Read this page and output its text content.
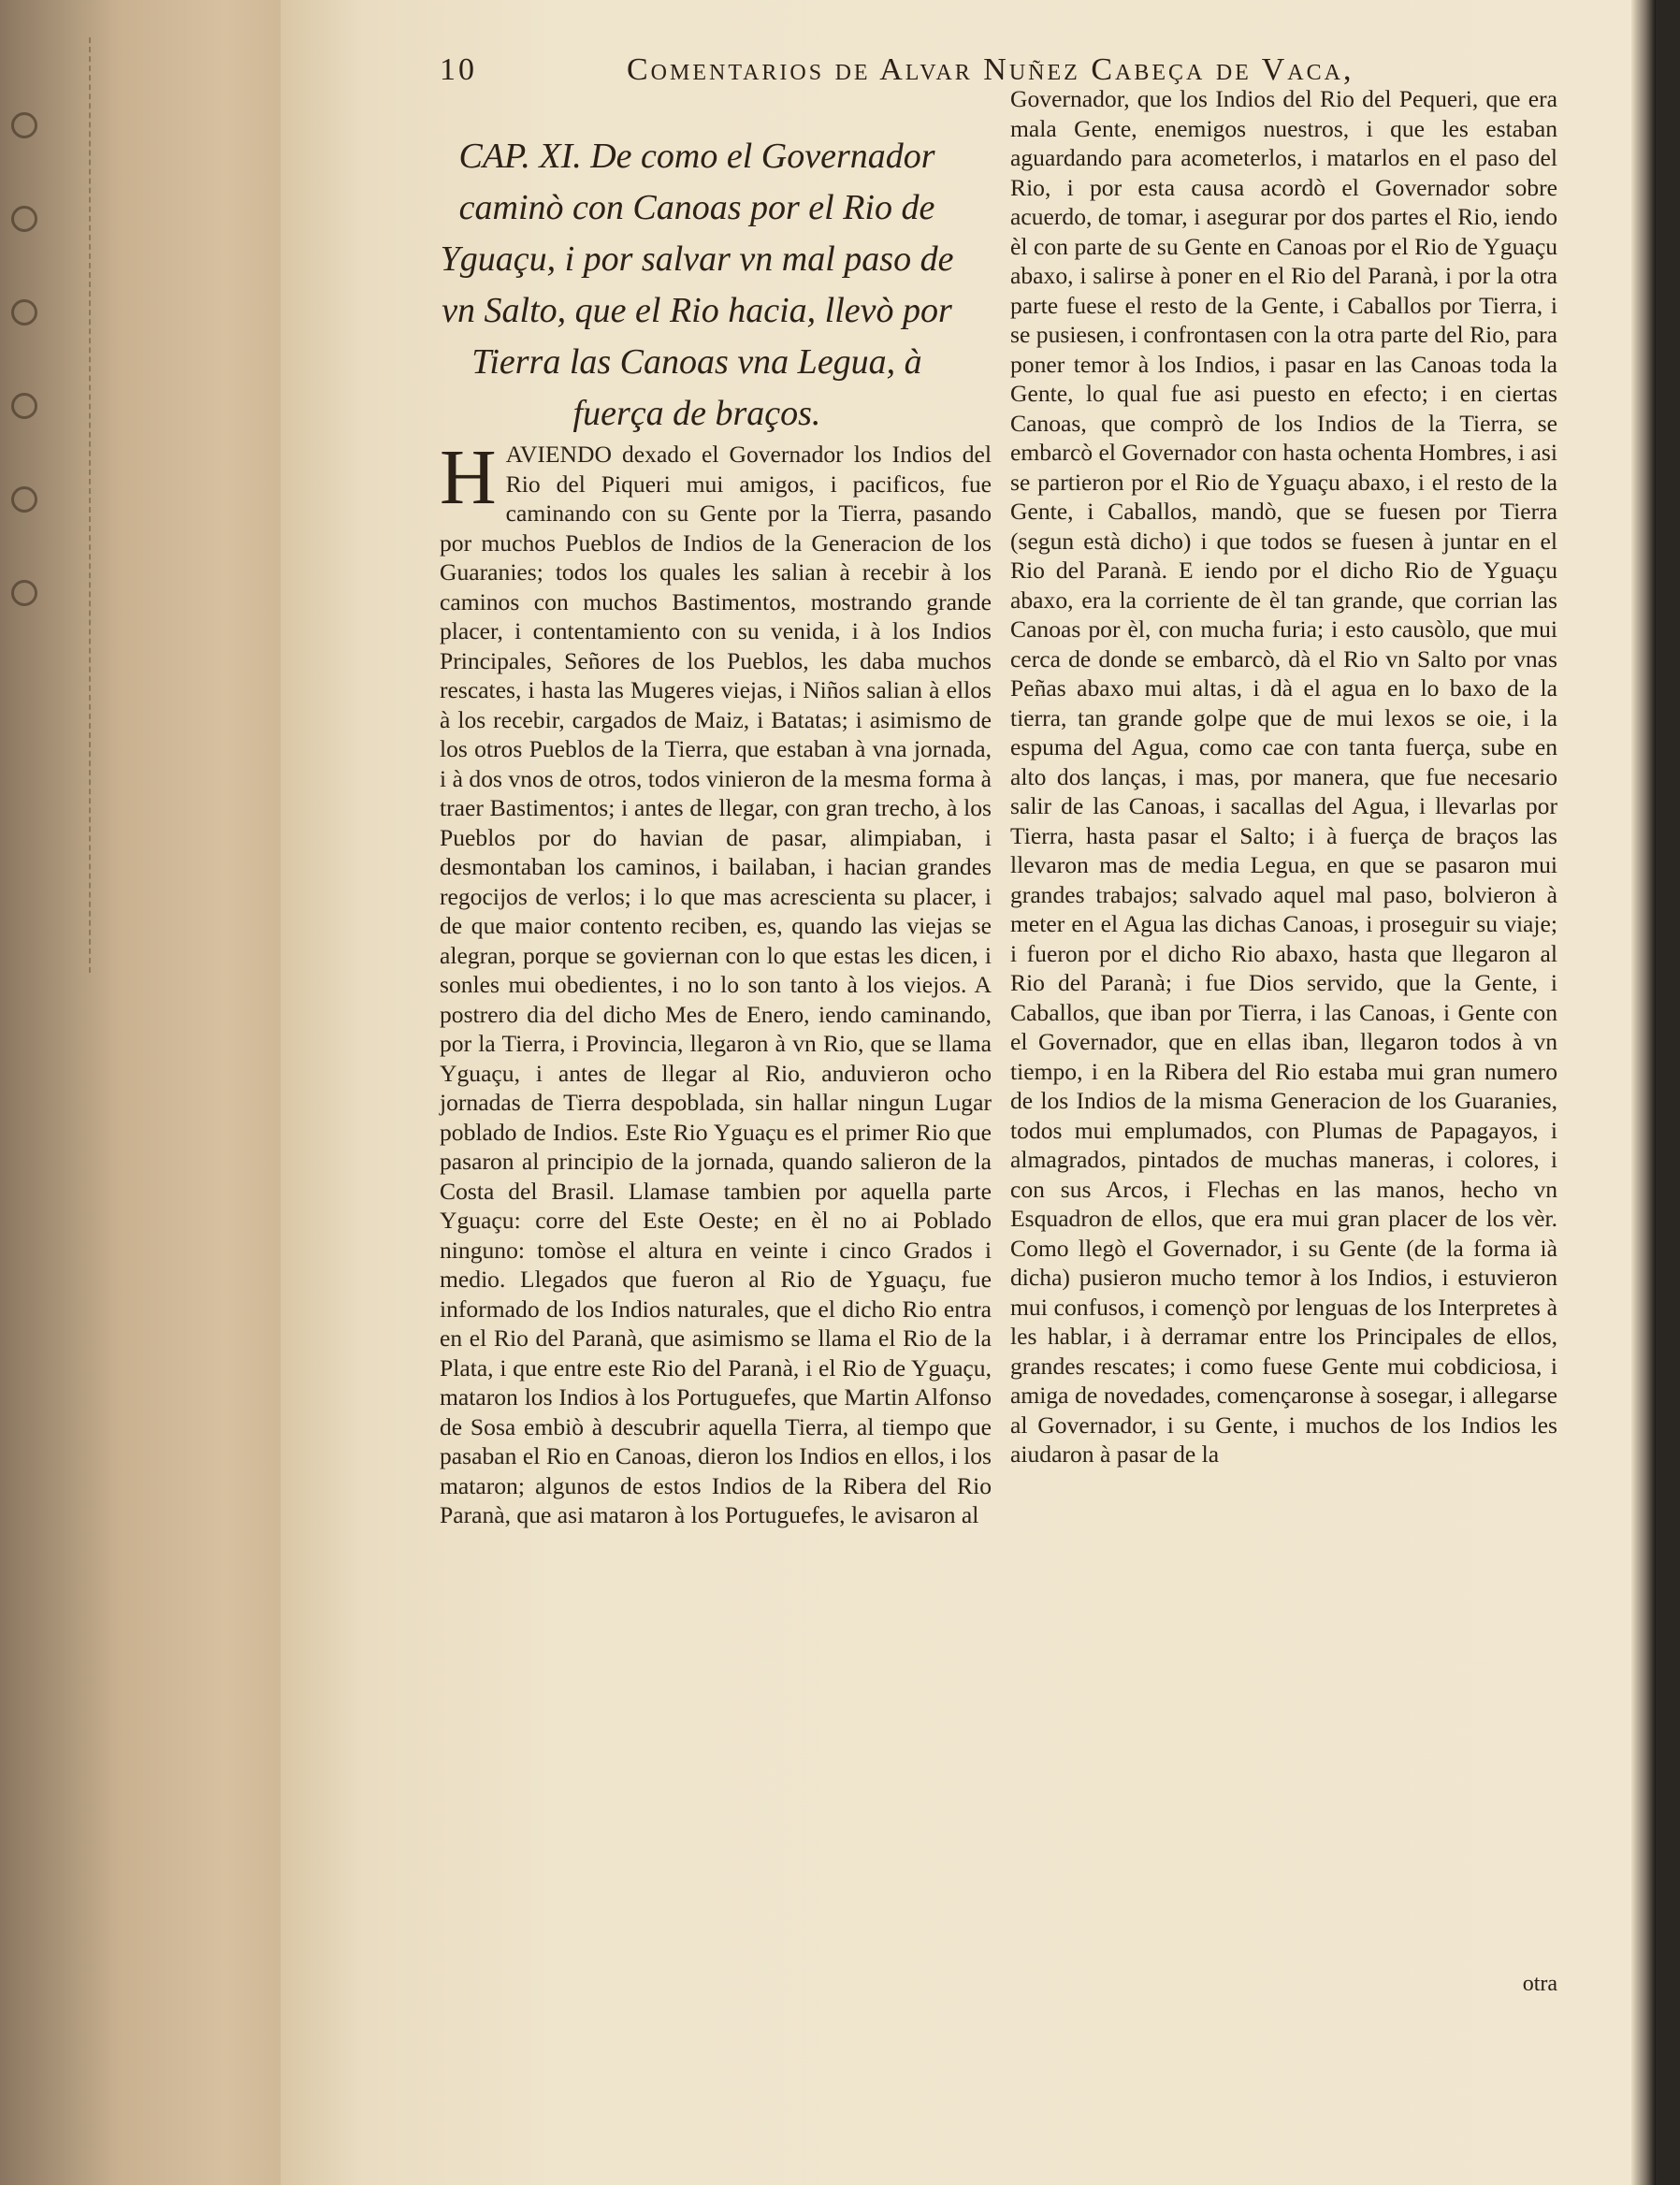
10	Comentarios de Alvar Nuñez Cabeça de Vaca,
CAP. XI. De como el Governador caminò con Canoas por el Rio de Yguaçu, i por salvar vn mal paso de vn Salto, que el Rio hacia, llevò por Tierra las Canoas vna Legua, à fuerça de braços.
H AVIENDO dexado el Governador los Indios del Rio del Piqueri mui amigos, i pacificos, fue caminando con su Gente por la Tierra, pasando por muchos Pueblos de Indios de la Generacion de los Guaranies; todos los quales les salian à recebir à los caminos con muchos Bastimentos, mostrando grande placer, i contentamiento con su venida, i à los Indios Principales, Señores de los Pueblos, les daba muchos rescates, i hasta las Mugeres viejas, i Niños salian à ellos à los recebir, cargados de Maiz, i Batatas; i asimismo de los otros Pueblos de la Tierra, que estaban à vna jornada, i à dos vnos de otros, todos vinieron de la mesma forma à traer Bastimentos; i antes de llegar, con gran trecho, à los Pueblos por do havian de pasar, alimpiaban, i desmontaban los caminos, i bailaban, i hacian grandes regocijos de verlos; i lo que mas acrescienta su placer, i de que maior contento reciben, es, quando las viejas se alegran, porque se goviernan con lo que estas les dicen, i sonles mui obedientes, i no lo son tanto à los viejos. A postrero dia del dicho Mes de Enero, iendo caminando, por la Tierra, i Provincia, llegaron à vn Rio, que se llama Yguaçu, i antes de llegar al Rio, anduvieron ocho jornadas de Tierra despoblada, sin hallar ningun Lugar poblado de Indios. Este Rio Yguaçu es el primer Rio que pasaron al principio de la jornada, quando salieron de la Costa del Brasil. Llamase tambien por aquella parte Yguaçu: corre del Este Oeste; en èl no ai Poblado ninguno: tomòse el altura en veinte i cinco Grados i medio. Llegados que fueron al Rio de Yguaçu, fue informado de los Indios naturales, que el dicho Rio entra en el Rio del Paranà, que asimismo se llama el Rio de la Plata, i que entre este Rio del Paranà, i el Rio de Yguaçu, mataron los Indios à los Portuguefes, que Martin Alfonso de Sosa embiò à descubrir aquella Tierra, al tiempo que pasaban el Rio en Canoas, dieron los Indios en ellos, i los mataron; algunos de estos Indios de la Ribera del Rio Paranà, que asi mataron à los Portuguefes, le avisaron al

Governador, que los Indios del Rio del Pequeri, que era mala Gente, enemigos nuestros, i que les estaban aguardando para acometerlos, i matarlos en el paso del Rio, i por esta causa acordò el Governador sobre acuerdo, de tomar, i asegurar por dos partes el Rio, iendo èl con parte de su Gente en Canoas por el Rio de Yguaçu abaxo, i salirse à poner en el Rio del Paranà, i por la otra parte fuese el resto de la Gente, i Caballos por Tierra, i se pusiesen, i confrontasen con la otra parte del Rio, para poner temor à los Indios, i pasar en las Canoas toda la Gente, lo qual fue asi puesto en efecto; i en ciertas Canoas, que comprò de los Indios de la Tierra, se embarcò el Governador con hasta ochenta Hombres, i asi se partieron por el Rio de Yguaçu abaxo, i el resto de la Gente, i Caballos, mandò, que se fuesen por Tierra (segun està dicho) i que todos se fuesen à juntar en el Rio del Paranà. E iendo por el dicho Rio de Yguaçu abaxo, era la corriente de èl tan grande, que corrian las Canoas por èl, con mucha furia; i esto causòlo, que mui cerca de donde se embarcò, dà el Rio vn Salto por vnas Peñas abaxo mui altas, i dà el agua en lo baxo de la tierra, tan grande golpe que de mui lexos se oie, i la espuma del Agua, como cae con tanta fuerça, sube en alto dos lanças, i mas, por manera, que fue necesario salir de las Canoas, i sacallas del Agua, i llevarlas por Tierra, hasta pasar el Salto; i à fuerça de braços las llevaron mas de media Legua, en que se pasaron mui grandes trabajos; salvado aquel mal paso, bolvieron à meter en el Agua las dichas Canoas, i proseguir su viaje; i fueron por el dicho Rio abaxo, hasta que llegaron al Rio del Paranà; i fue Dios servido, que la Gente, i Caballos, que iban por Tierra, i las Canoas, i Gente con el Governador, que en ellas iban, llegaron todos à vn tiempo, i en la Ribera del Rio estaba mui gran numero de los Indios de la misma Generacion de los Guaranies, todos mui emplumados, con Plumas de Papagayos, i almagrados, pintados de muchas maneras, i colores, i con sus Arcos, i Flechas en las manos, hecho vn Esquadron de ellos, que era mui gran placer de los vèr. Como llegò el Governador, i su Gente (de la forma ià dicha) pusieron mucho temor à los Indios, i estuvieron mui confusos, i començò por lenguas de los Interpretes à les hablar, i à derramar entre los Principales de ellos, grandes rescates; i como fuese Gente mui cobdiciosa, i amiga de novedades, començaronse à sosegar, i allegarse al Governador, i su Gente, i muchos de los Indios les aiudaron à pasar de la

otra
